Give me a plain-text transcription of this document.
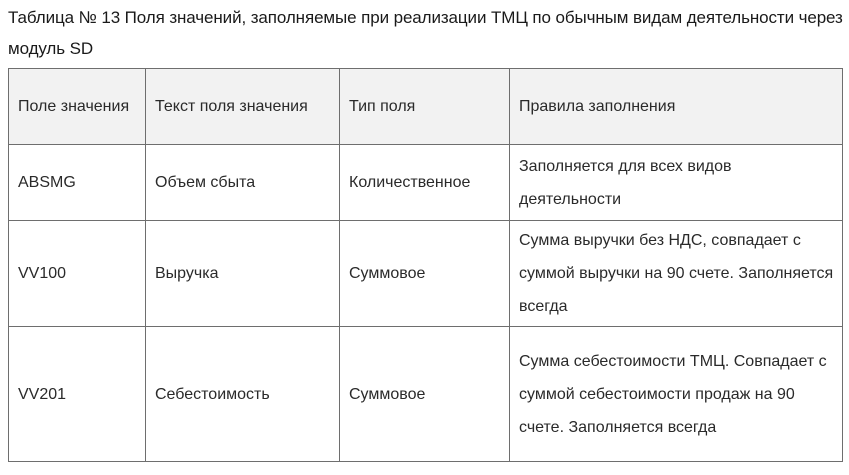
Таблица № 13 Поля значений, заполняемые при реализации ТМЦ по обычным видам деятельности через модуль SD
Поле значения	Текст поля значения	Тип поля	Правила заполнения
ABSMG	Объем сбыта	Количественное	Заполняется для всех видов деятельности
VV100	Выручка	Суммовое	Сумма выручки без НДС, совпадает с суммой выручки на 90 счете. Заполняется всегда
VV201	Себестоимость	Суммовое	Сумма себестоимости ТМЦ. Совпадает с суммой себестоимости продаж на 90 счете. Заполняется всегда
